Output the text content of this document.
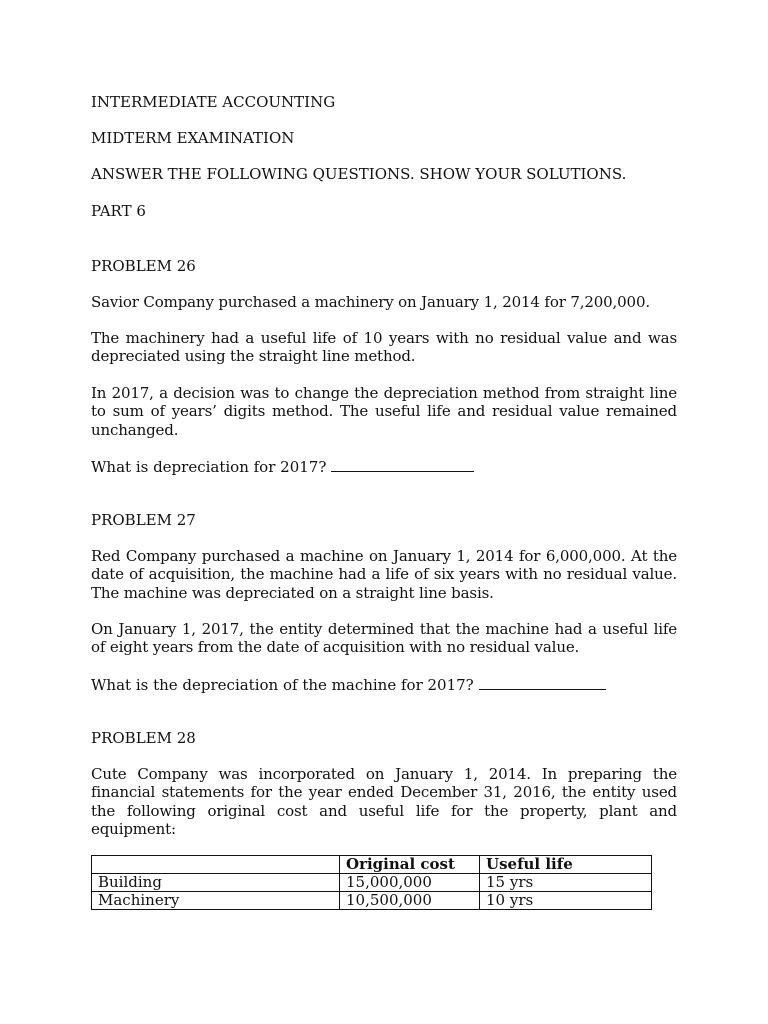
INTERMEDIATE ACCOUNTING
MIDTERM EXAMINATION
ANSWER THE FOLLOWING QUESTIONS. SHOW YOUR SOLUTIONS.
PART 6
PROBLEM 26
Savior Company purchased a machinery on January 1, 2014 for 7,200,000.
The machinery had a useful life of 10 years with no residual value and was depreciated using the straight line method.
In 2017, a decision was to change the depreciation method from straight line to sum of years’ digits method. The useful life and residual value remained unchanged.
What is depreciation for 2017?
PROBLEM 27
Red Company purchased a machine on January 1, 2014 for 6,000,000. At the date of acquisition, the machine had a life of six years with no residual value. The machine was depreciated on a straight line basis.
On January 1, 2017, the entity determined that the machine had a useful life of eight years from the date of acquisition with no residual value.
What is the depreciation of the machine for 2017?
PROBLEM 28
Cute Company was incorporated on January 1, 2014. In preparing the financial statements for the year ended December 31, 2016, the entity used the following original cost and useful life for the property, plant and equipment:
	Original cost	Useful life
Building	15,000,000	15 yrs
Machinery	10,500,000	10 yrs
